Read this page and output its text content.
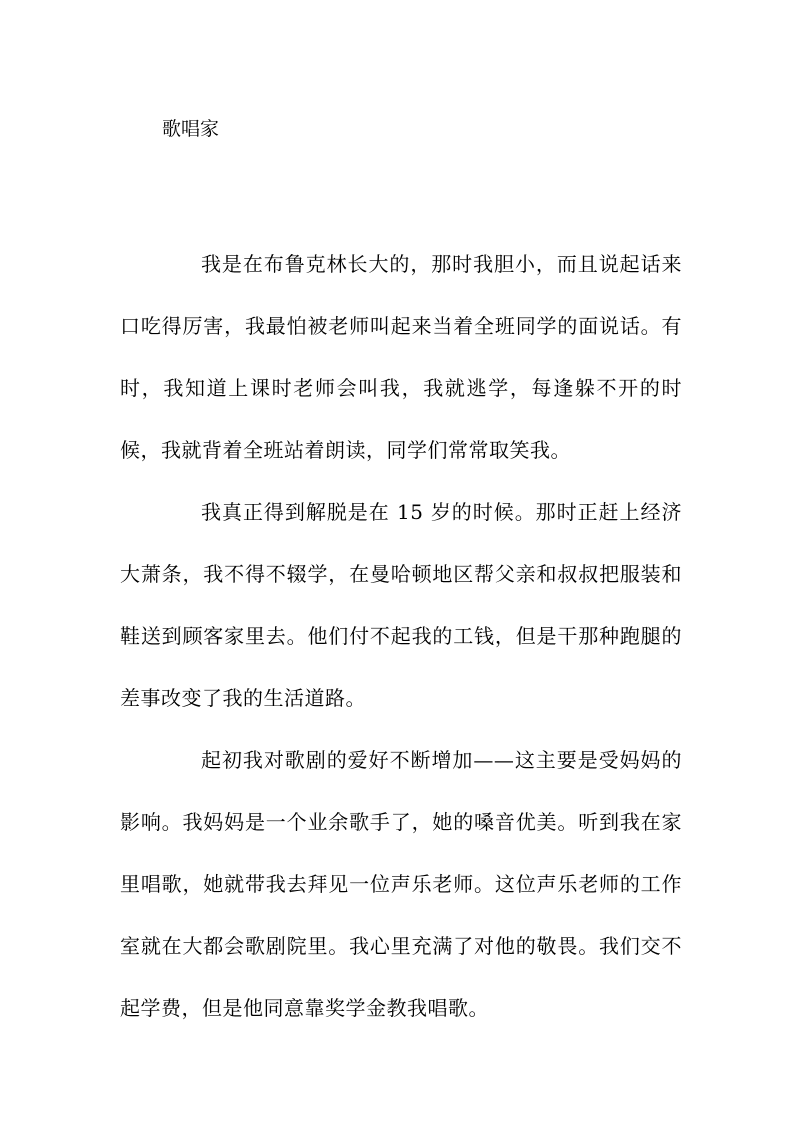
歌唱家

我是在布鲁克林长大的，那时我胆小，而且说起话来口吃得厉害，我最怕被老师叫起来当着全班同学的面说话。有时，我知道上课时老师会叫我，我就逃学，每逢躲不开的时候，我就背着全班站着朗读，同学们常常取笑我。

我真正得到解脱是在 15 岁的时候。那时正赶上经济大萧条，我不得不辍学，在曼哈顿地区帮父亲和叔叔把服装和鞋送到顾客家里去。他们付不起我的工钱，但是干那种跑腿的差事改变了我的生活道路。

起初我对歌剧的爱好不断增加——这主要是受妈妈的影响。我妈妈是一个业余歌手了，她的嗓音优美。听到我在家里唱歌，她就带我去拜见一位声乐老师。这位声乐老师的工作室就在大都会歌剧院里。我心里充满了对他的敬畏。我们交不起学费，但是他同意靠奖学金教我唱歌。
